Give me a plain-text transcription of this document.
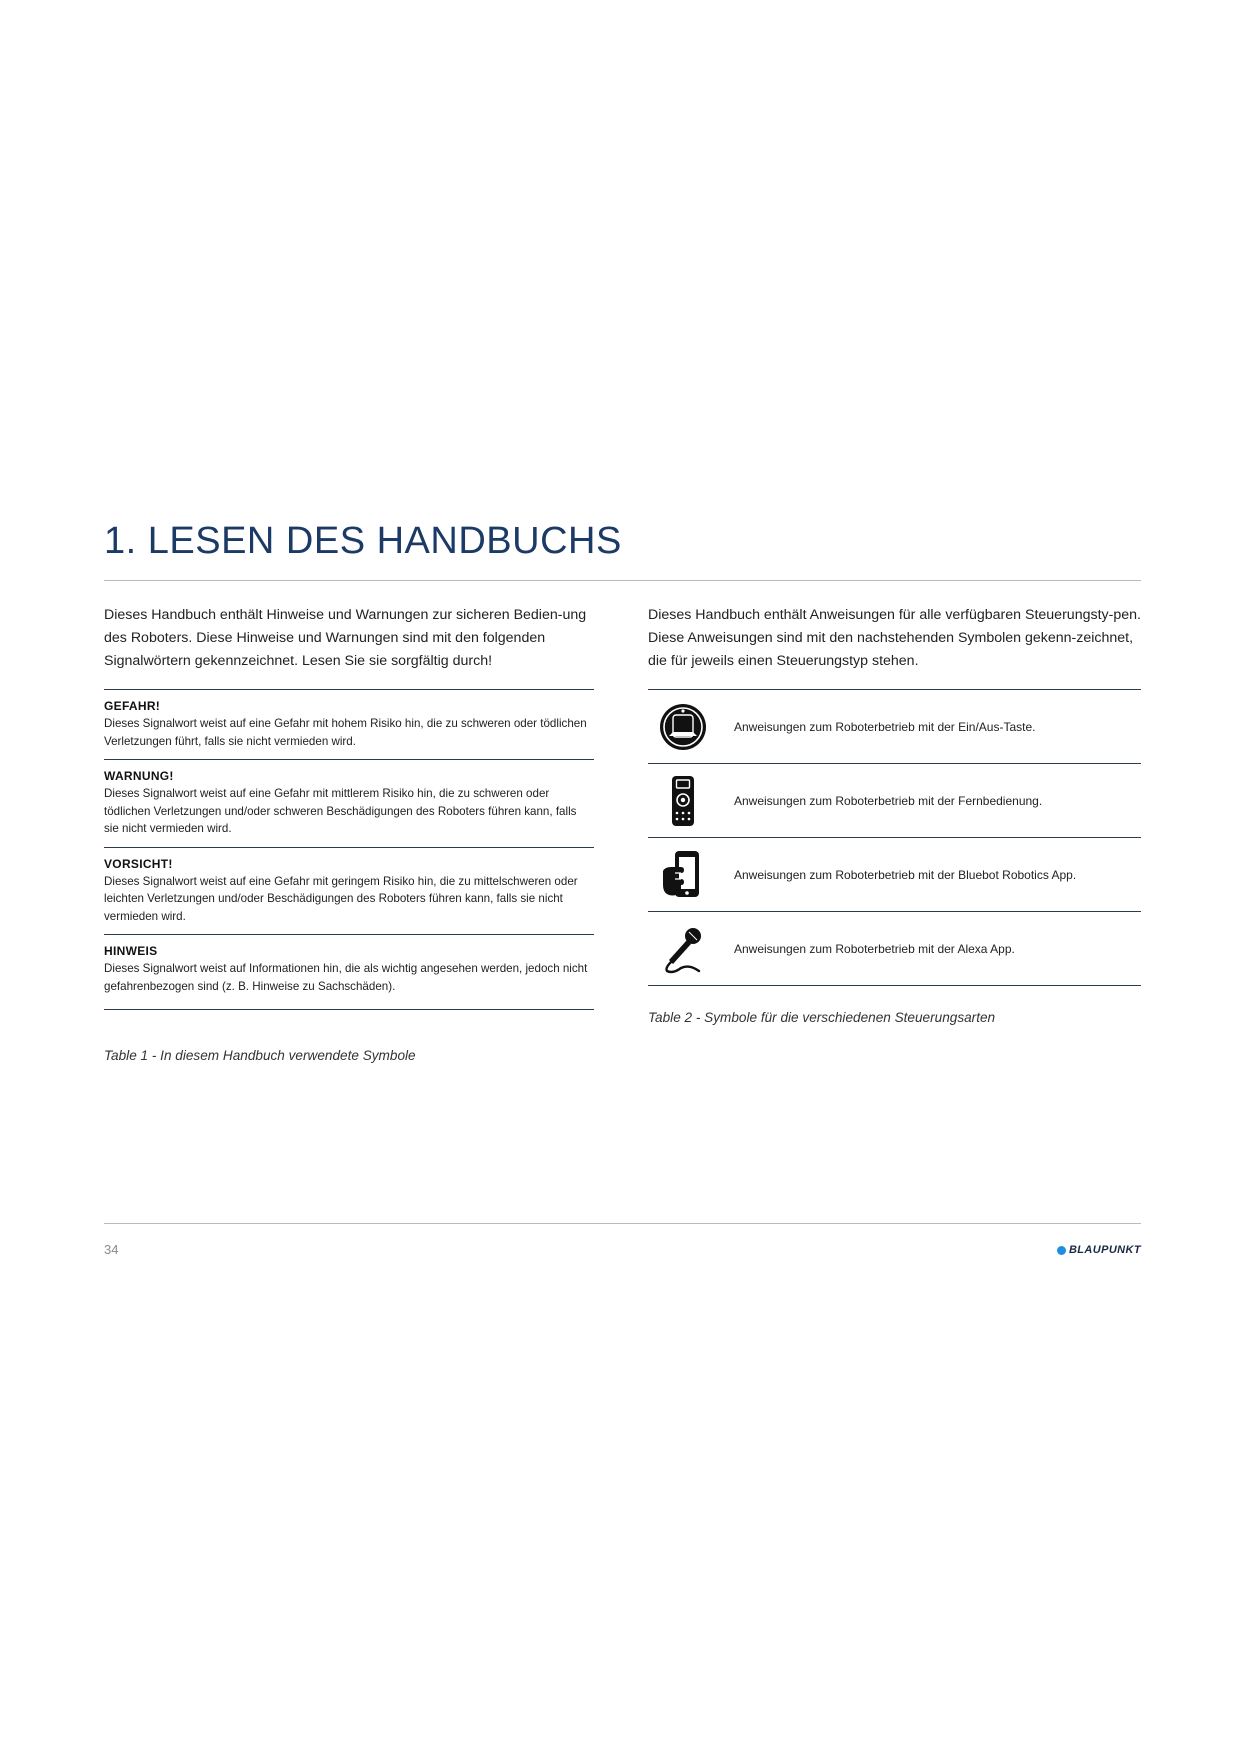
1. LESEN DES HANDBUCHS

Dieses Handbuch enthält Hinweise und Warnungen zur sicheren Bedien-ung des Roboters. Diese Hinweise und Warnungen sind mit den folgenden Signalwörtern gekennzeichnet. Lesen Sie sie sorgfältig durch!

GEFAHR!

Dieses Signalwort weist auf eine Gefahr mit hohem Risiko hin, die zu schweren oder tödlichen Verletzungen führt, falls sie nicht vermieden wird.

WARNUNG!

Dieses Signalwort weist auf eine Gefahr mit mittlerem Risiko hin, die zu schweren oder tödlichen Verletzungen und/oder schweren Beschädigungen des Roboters führen kann, falls sie nicht vermieden wird.

VORSICHT!

Dieses Signalwort weist auf eine Gefahr mit geringem Risiko hin, die zu mittelschweren oder leichten Verletzungen und/oder Beschädigungen des Roboters führen kann, falls sie nicht vermieden wird.

HINWEIS

Dieses Signalwort weist auf Informationen hin, die als wichtig angesehen werden, jedoch nicht gefahrenbezogen sind (z. B. Hinweise zu Sachschäden).

Table 1 - In diesem Handbuch verwendete Symbole

Dieses Handbuch enthält Anweisungen für alle verfügbaren Steuerungsty-pen. Diese Anweisungen sind mit den nachstehenden Symbolen gekenn-zeichnet, die für jeweils einen Steuerungstyp stehen.

Anweisungen zum Roboterbetrieb mit der Ein/Aus-Taste.
Anweisungen zum Roboterbetrieb mit der Fernbedienung.
Anweisungen zum Roboterbetrieb mit der Bluebot Robotics App.
Anweisungen zum Roboterbetrieb mit der Alexa App.

Table 2 - Symbole für die verschiedenen Steuerungsarten

34	BLAUPUNKT
